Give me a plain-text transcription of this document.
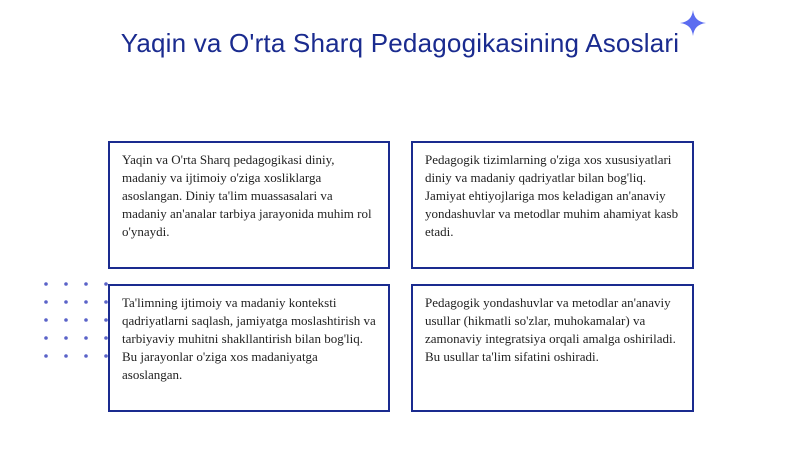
Yaqin va O'rta Sharq Pedagogikasining Asoslari

Yaqin va O'rta Sharq pedagogikasi diniy, madaniy va ijtimoiy o'ziga xosliklarga asoslangan. Diniy ta'lim muassasalari va madaniy an'analar tarbiya jarayonida muhim rol o'ynaydi.

Pedagogik tizimlarning o'ziga xos xususiyatlari diniy va madaniy qadriyatlar bilan bog'liq. Jamiyat ehtiyojlariga mos keladigan an'anaviy yondashuvlar va metodlar muhim ahamiyat kasb etadi.

Ta'limning ijtimoiy va madaniy konteksti qadriyatlarni saqlash, jamiyatga moslashtirish va tarbiyaviy muhitni shakllantirish bilan bog'liq. Bu jarayonlar o'ziga xos madaniyatga asoslangan.

Pedagogik yondashuvlar va metodlar an'anaviy usullar (hikmatli so'zlar, muhokamalar) va zamonaviy integratsiya orqali amalga oshiriladi. Bu usullar ta'lim sifatini oshiradi.
